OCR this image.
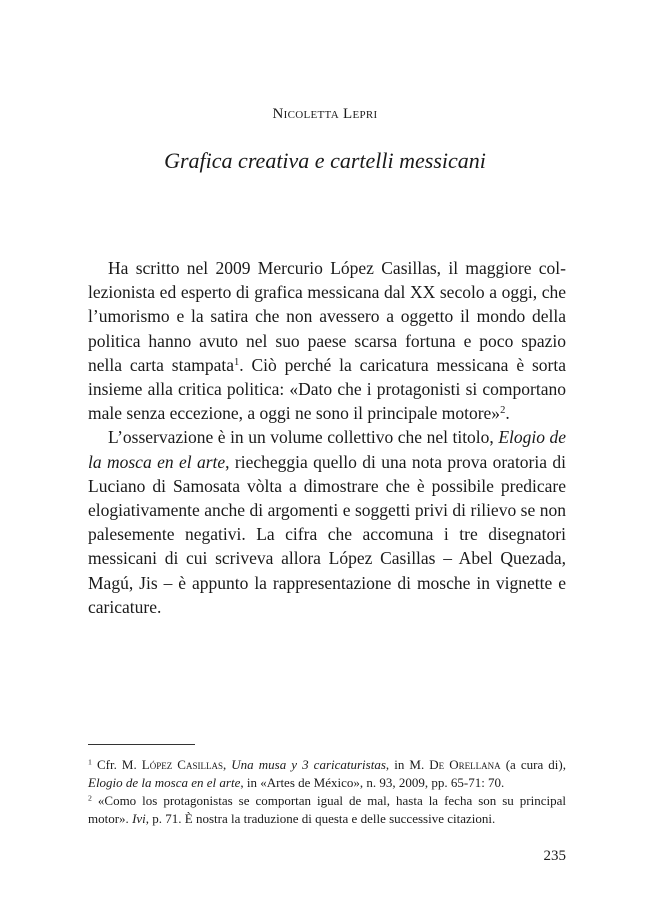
Nicoletta Lepri
Grafica creativa e cartelli messicani

Ha scritto nel 2009 Mercurio López Casillas, il maggiore collezionista ed esperto di grafica messicana dal XX secolo a oggi, che l’umorismo e la satira che non avessero a oggetto il mondo della politica hanno avuto nel suo paese scarsa fortuna e poco spazio nella carta stampata$^1$. Ciò perché la caricatura messicana è sorta insieme alla critica politica: «Dato che i protagonisti si comportano male senza eccezione, a oggi ne sono il principale motore»$^2$.

L’osservazione è in un volume collettivo che nel titolo, Elogio de la mosca en el arte, riecheggia quello di una nota prova oratoria di Luciano di Samosata vòlta a dimostrare che è possibile predicare elogiativamente anche di argomenti e soggetti privi di rilievo se non palesemente negativi. La cifra che accomuna i tre disegnatori messicani di cui scriveva allora López Casillas – Abel Quezada, Magú, Jis – è appunto la rappresentazione di mosche in vignette e caricature.

$^1$ Cfr. M. López Casillas, Una musa y 3 caricaturistas, in M. De Orellana (a cura di), Elogio de la mosca en el arte, in «Artes de México», n. 93, 2009, pp. 65-71: 70.

$^2$ «Como los protagonistas se comportan igual de mal, hasta la fecha son su principal motor». Ivi, p. 71. È nostra la traduzione di questa e delle successive citazioni.

235
